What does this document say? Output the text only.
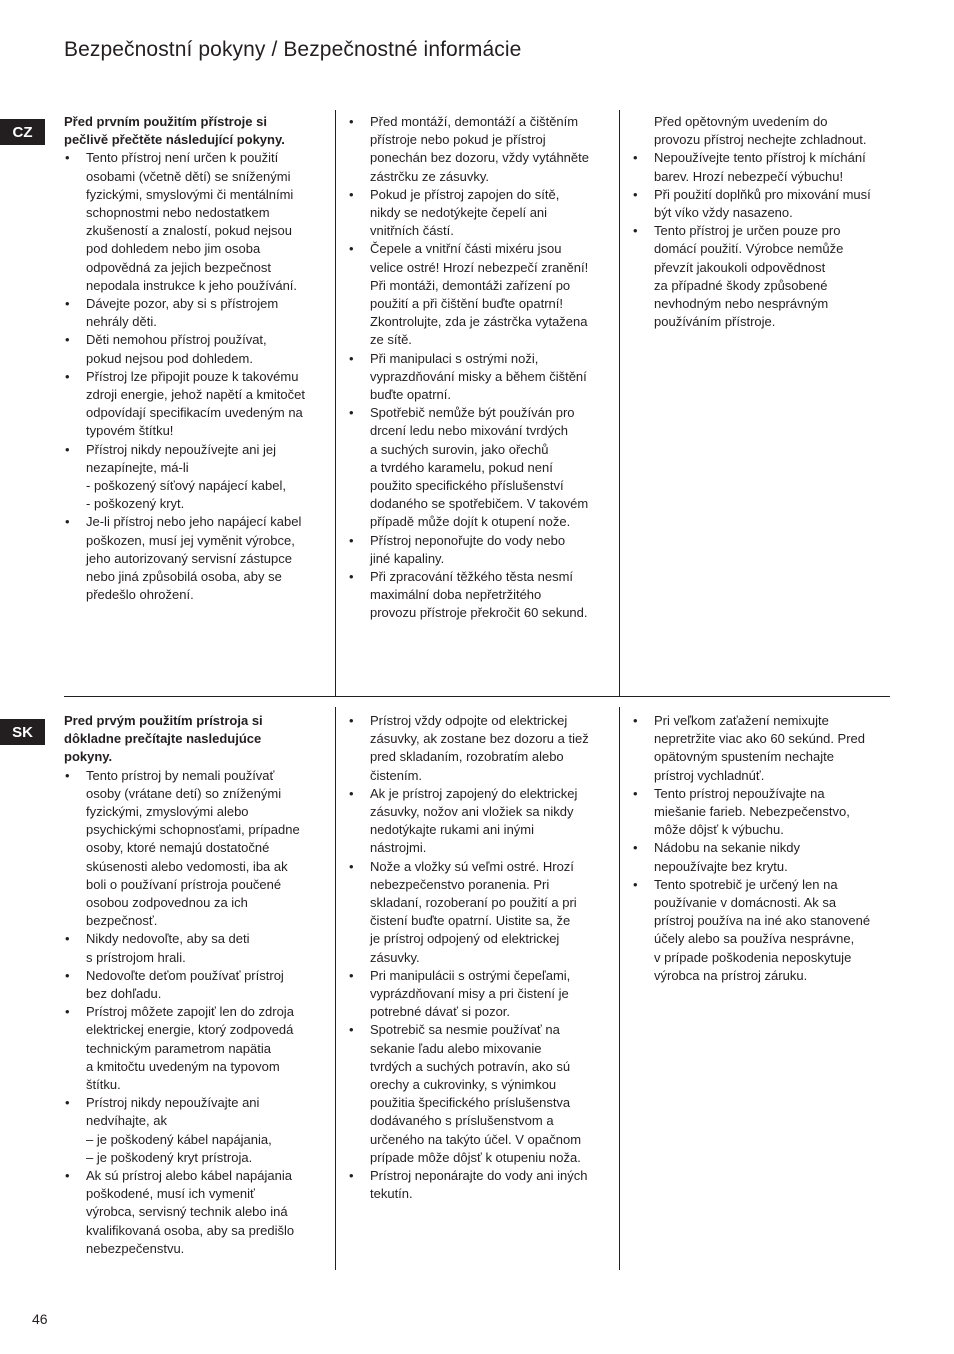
Bezpečnostní pokyny / Bezpečnostné informácie
CZ

Před prvním použitím přístroje si
pečlivě přečtěte následující pokyny.

• Tento přístroj není určen k použití
osobami (včetně dětí) se sníženými
fyzickými, smyslovými či mentálními
schopnostmi nebo nedostatkem
zkušeností a znalostí, pokud nejsou
pod dohledem nebo jim osoba
odpovědná za jejich bezpečnost
nepodala instrukce k jeho používání.
• Dávejte pozor, aby si s přístrojem
nehrály děti.
• Děti nemohou přístroj používat,
pokud nejsou pod dohledem.
• Přístroj lze připojit pouze k takovému
zdroji energie, jehož napětí a kmitočet
odpovídají specifikacím uvedeným na
typovém štítku!
• Přístroj nikdy nepoužívejte ani jej
nezapínejte, má-li
- poškozený síťový napájecí kabel,
- poškozený kryt.
• Je-li přístroj nebo jeho napájecí kabel
poškozen, musí jej vyměnit výrobce,
jeho autorizovaný servisní zástupce
nebo jiná způsobilá osoba, aby se
předešlo ohrožení.
• Před montáží, demontáží a čištěním
přístroje nebo pokud je přístroj
ponechán bez dozoru, vždy vytáhněte
zástrčku ze zásuvky.
• Pokud je přístroj zapojen do sítě,
nikdy se nedotýkejte čepelí ani
vnitřních částí.
• Čepele a vnitřní části mixéru jsou
velice ostré! Hrozí nebezpečí zranění!
Při montáži, demontáži zařízení po
použití a při čištění buďte opatrní!
Zkontrolujte, zda je zástrčka vytažena
ze sítě.
• Při manipulaci s ostrými noži,
vyprazdňování misky a během čištění
buďte opatrní.
• Spotřebič nemůže být používán pro
drcení ledu nebo mixování tvrdých
a suchých surovin, jako ořechů
a tvrdého karamelu, pokud není
použito specifického příslušenství
dodaného se spotřebičem. V takovém
případě může dojít k otupení nože.
• Přístroj neponořujte do vody nebo
jiné kapaliny.
• Při zpracování těžkého těsta nesmí
maximální doba nepřetržitého
provozu přístroje překročit 60 sekund.

Před opětovným uvedením do
provozu přístroj nechejte zchladnout.

• Nepoužívejte tento přístroj k míchání
barev. Hrozí nebezpečí výbuchu!
• Při použití doplňků pro mixování musí
být víko vždy nasazeno.
• Tento přístroj je určen pouze pro
domácí použití. Výrobce nemůže
převzít jakoukoli odpovědnost
za případné škody způsobené
nevhodným nebo nesprávným
používáním přístroje.
SK

Pred prvým použitím prístroja si
dôkladne prečítajte nasledujúce
pokyny.

• Tento prístroj by nemali používať
osoby (vrátane detí) so zníženými
fyzickými, zmyslovými alebo
psychickými schopnosťami, prípadne
osoby, ktoré nemajú dostatočné
skúsenosti alebo vedomosti, iba ak
boli o používaní prístroja poučené
osobou zodpovednou za ich
bezpečnosť.
• Nikdy nedovoľte, aby sa deti
s prístrojom hrali.
• Nedovoľte deťom používať prístroj
bez dohľadu.
• Prístroj môžete zapojiť len do zdroja
elektrickej energie, ktorý zodpovedá
technickým parametrom napätia
a kmitočtu uvedeným na typovom
štítku.
• Prístroj nikdy nepoužívajte ani
nedvíhajte, ak
– je poškodený kábel napájania,
– je poškodený kryt prístroja.
• Ak sú prístroj alebo kábel napájania
poškodené, musí ich vymeniť
výrobca, servisný technik alebo iná
kvalifikovaná osoba, aby sa predišlo
nebezpečenstvu.
• Prístroj vždy odpojte od elektrickej
zásuvky, ak zostane bez dozoru a tiež
pred skladaním, rozobratím alebo
čistením.
• Ak je prístroj zapojený do elektrickej
zásuvky, nožov ani vložiek sa nikdy
nedotýkajte rukami ani inými
nástrojmi.
• Nože a vložky sú veľmi ostré. Hrozí
nebezpečenstvo poranenia. Pri
skladaní, rozoberaní po použití a pri
čistení buďte opatrní. Uistite sa, že
je prístroj odpojený od elektrickej
zásuvky.
• Pri manipulácii s ostrými čepeľami,
vyprázdňovaní misy a pri čistení je
potrebné dávať si pozor.
• Spotrebič sa nesmie používať na
sekanie ľadu alebo mixovanie
tvrdých a suchých potravín, ako sú
orechy a cukrovinky, s výnimkou
použitia špecifického príslušenstva
dodávaného s príslušenstvom a
určeného na takýto účel. V opačnom
prípade môže dôjsť k otupeniu noža.
• Prístroj neponárajte do vody ani iných
tekutín.
• Pri veľkom zaťažení nemixujte
nepretržite viac ako 60 sekúnd. Pred
opätovným spustením nechajte
prístroj vychladnúť.
• Tento prístroj nepoužívajte na
miešanie farieb. Nebezpečenstvo,
môže dôjsť k výbuchu.
• Nádobu na sekanie nikdy
nepoužívajte bez krytu.
• Tento spotrebič je určený len na
používanie v domácnosti. Ak sa
prístroj používa na iné ako stanovené
účely alebo sa používa nesprávne,
v prípade poškodenia neposkytuje
výrobca na prístroj záruku.
46
